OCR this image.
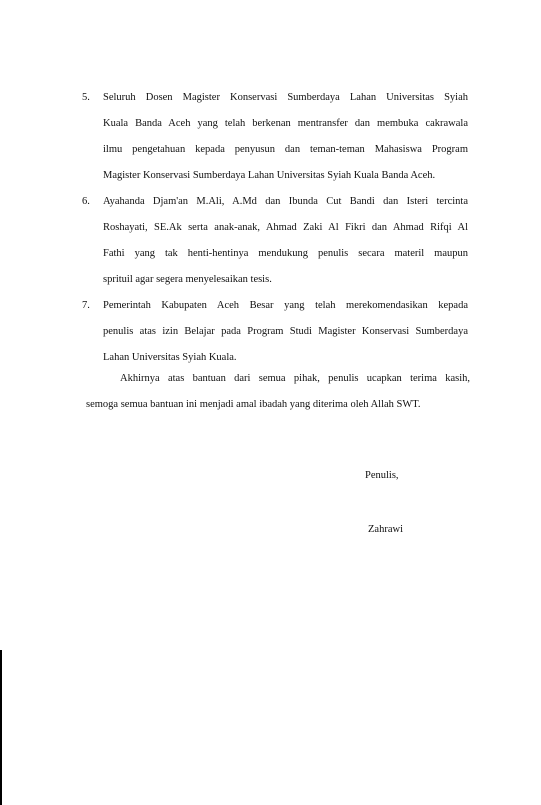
5. Seluruh Dosen Magister Konservasi Sumberdaya Lahan Universitas Syiah
Kuala Banda Aceh yang telah berkenan mentransfer dan membuka cakrawala
ilmu pengetahuan kepada penyusun dan teman-teman Mahasiswa Program
Magister Konservasi Sumberdaya Lahan Universitas Syiah Kuala Banda Aceh.
6. Ayahanda Djam'an M.Ali, A.Md dan Ibunda Cut Bandi dan Isteri tercinta
Roshayati, SE.Ak serta anak-anak, Ahmad Zaki Al Fikri dan Ahmad Rifqi Al
Fathi yang tak henti-hentinya mendukung penulis secara materil maupun
sprituil agar segera menyelesaikan tesis.
7. Pemerintah Kabupaten Aceh Besar yang telah merekomendasikan kepada
penulis atas izin Belajar pada Program Studi Magister Konservasi Sumberdaya
Lahan Universitas Syiah Kuala.
Akhirnya atas bantuan dari semua pihak, penulis ucapkan terima kasih,
semoga semua bantuan ini menjadi amal ibadah yang diterima oleh Allah SWT.
Penulis,
Zahrawi
